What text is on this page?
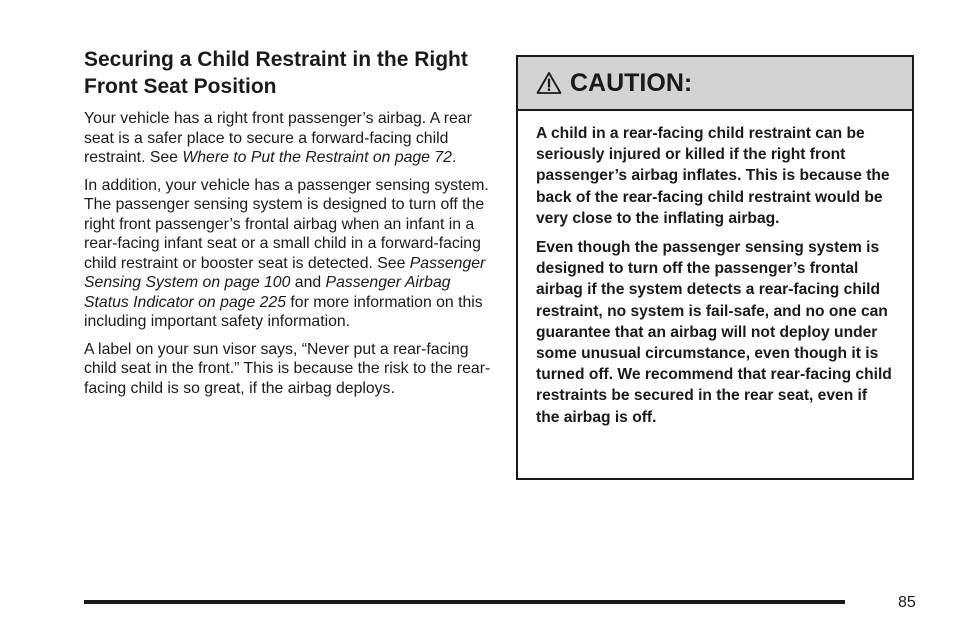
Securing a Child Restraint in the Right Front Seat Position

Your vehicle has a right front passenger’s airbag. A rear seat is a safer place to secure a forward-facing child restraint. See Where to Put the Restraint on page 72.

In addition, your vehicle has a passenger sensing system. The passenger sensing system is designed to turn off the right front passenger’s frontal airbag when an infant in a rear-facing infant seat or a small child in a forward-facing child restraint or booster seat is detected. See Passenger Sensing System on page 100 and Passenger Airbag Status Indicator on page 225 for more information on this including important safety information.

A label on your sun visor says, “Never put a rear-facing child seat in the front.” This is because the risk to the rear-facing child is so great, if the airbag deploys.

CAUTION:

A child in a rear-facing child restraint can be seriously injured or killed if the right front passenger’s airbag inflates. This is because the back of the rear-facing child restraint would be very close to the inflating airbag.

Even though the passenger sensing system is designed to turn off the passenger’s frontal airbag if the system detects a rear-facing child restraint, no system is fail-safe, and no one can guarantee that an airbag will not deploy under some unusual circumstance, even though it is turned off. We recommend that rear-facing child restraints be secured in the rear seat, even if the airbag is off.

85
